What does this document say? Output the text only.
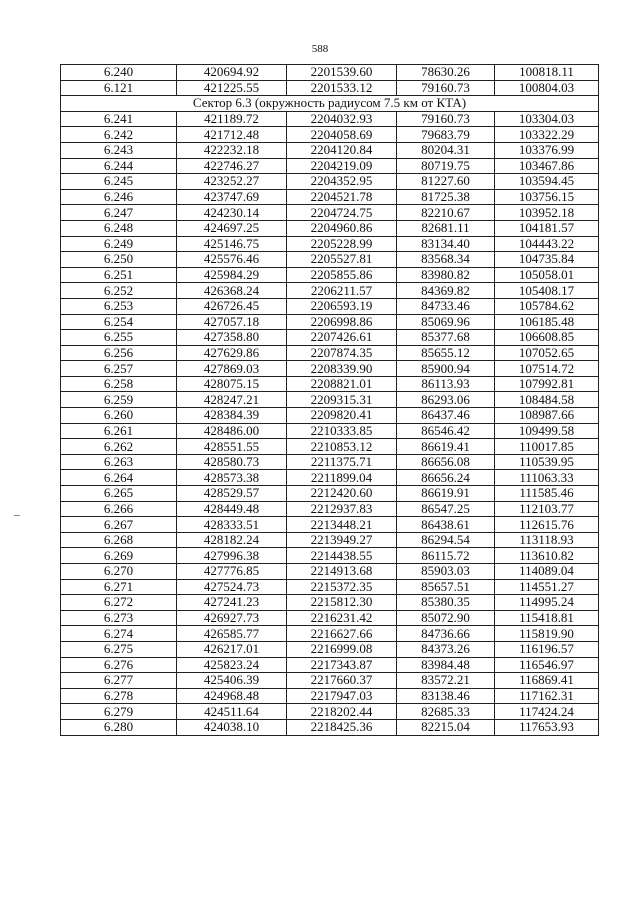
588
6.240	420694.92	2201539.60	78630.26	100818.11
6.121	421225.55	2201533.12	79160.73	100804.03
Сектор 6.3 (окружность радиусом 7.5 км от КТА)				
6.241	421189.72	2204032.93	79160.73	103304.03
6.242	421712.48	2204058.69	79683.79	103322.29
6.243	422232.18	2204120.84	80204.31	103376.99
6.244	422746.27	2204219.09	80719.75	103467.86
6.245	423252.27	2204352.95	81227.60	103594.45
6.246	423747.69	2204521.78	81725.38	103756.15
6.247	424230.14	2204724.75	82210.67	103952.18
6.248	424697.25	2204960.86	82681.11	104181.57
6.249	425146.75	2205228.99	83134.40	104443.22
6.250	425576.46	2205527.81	83568.34	104735.84
6.251	425984.29	2205855.86	83980.82	105058.01
6.252	426368.24	2206211.57	84369.82	105408.17
6.253	426726.45	2206593.19	84733.46	105784.62
6.254	427057.18	2206998.86	85069.96	106185.48
6.255	427358.80	2207426.61	85377.68	106608.85
6.256	427629.86	2207874.35	85655.12	107052.65
6.257	427869.03	2208339.90	85900.94	107514.72
6.258	428075.15	2208821.01	86113.93	107992.81
6.259	428247.21	2209315.31	86293.06	108484.58
6.260	428384.39	2209820.41	86437.46	108987.66
6.261	428486.00	2210333.85	86546.42	109499.58
6.262	428551.55	2210853.12	86619.41	110017.85
6.263	428580.73	2211375.71	86656.08	110539.95
6.264	428573.38	2211899.04	86656.24	111063.33
6.265	428529.57	2212420.60	86619.91	111585.46
6.266	428449.48	2212937.83	86547.25	112103.77
6.267	428333.51	2213448.21	86438.61	112615.76
6.268	428182.24	2213949.27	86294.54	113118.93
6.269	427996.38	2214438.55	86115.72	113610.82
6.270	427776.85	2214913.68	85903.03	114089.04
6.271	427524.73	2215372.35	85657.51	114551.27
6.272	427241.23	2215812.30	85380.35	114995.24
6.273	426927.73	2216231.42	85072.90	115418.81
6.274	426585.77	2216627.66	84736.66	115819.90
6.275	426217.01	2216999.08	84373.26	116196.57
6.276	425823.24	2217343.87	83984.48	116546.97
6.277	425406.39	2217660.37	83572.21	116869.41
6.278	424968.48	2217947.03	83138.46	117162.31
6.279	424511.64	2218202.44	82685.33	117424.24
6.280	424038.10	2218425.36	82215.04	117653.93
